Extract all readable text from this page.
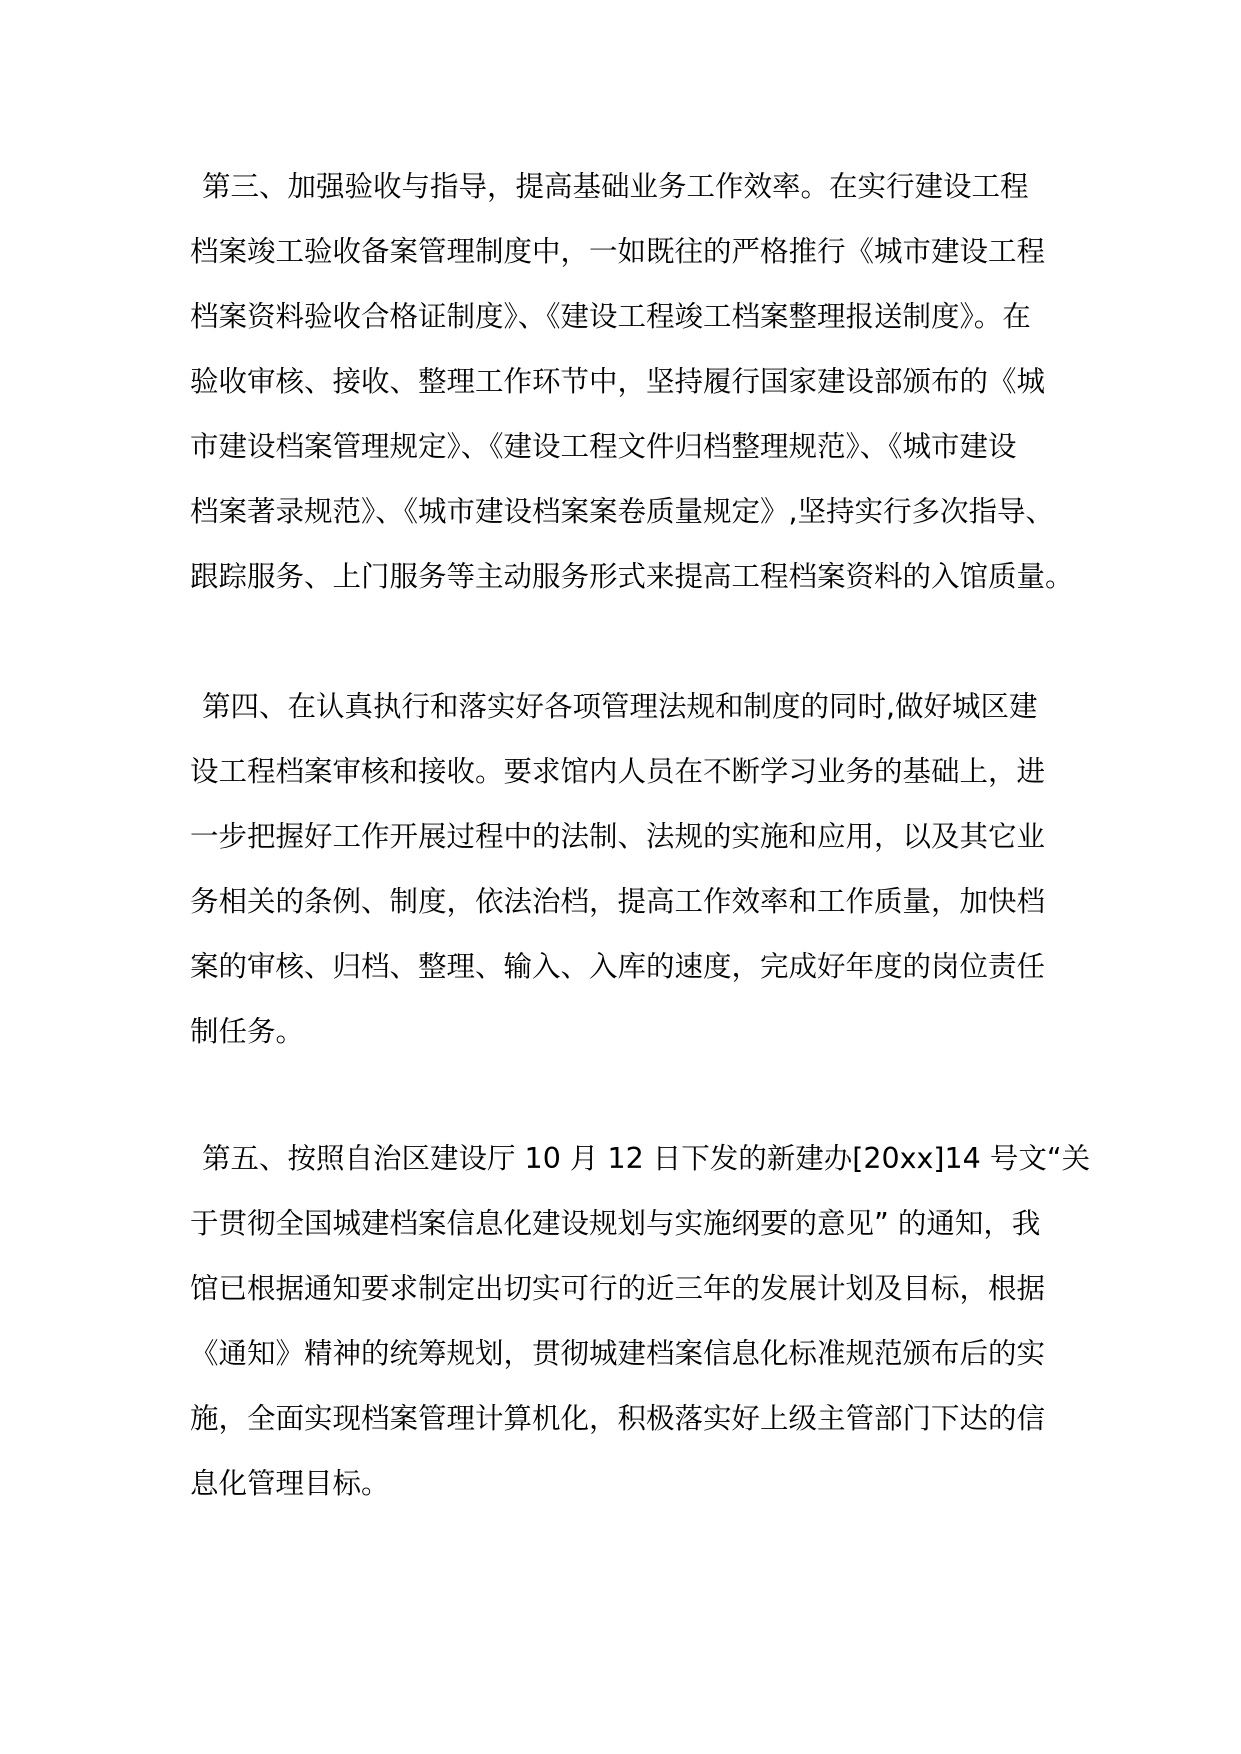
第三、加强验收与指导，提高基础业务工作效率。在实行建设工程
档案竣工验收备案管理制度中，一如既往的严格推行《城市建设工程
档案资料验收合格证制度》、《建设工程竣工档案整理报送制度》。在
验收审核、接收、整理工作环节中，坚持履行国家建设部颁布的《城
市建设档案管理规定》、《建设工程文件归档整理规范》、《城市建设
档案著录规范》、《城市建设档案案卷质量规定》,坚持实行多次指导、
跟踪服务、上门服务等主动服务形式来提高工程档案资料的入馆质量。
第四、在认真执行和落实好各项管理法规和制度的同时,做好城区建
设工程档案审核和接收。要求馆内人员在不断学习业务的基础上，进
一步把握好工作开展过程中的法制、法规的实施和应用，以及其它业
务相关的条例、制度，依法治档，提高工作效率和工作质量，加快档
案的审核、归档、整理、输入、入库的速度，完成好年度的岗位责任
制任务。
第五、按照自治区建设厅 10 月 12 日下发的新建办[20xx]14 号文“关
于贯彻全国城建档案信息化建设规划与实施纲要的意见” 的通知，我
馆已根据通知要求制定出切实可行的近三年的发展计划及目标，根据
《通知》精神的统筹规划，贯彻城建档案信息化标准规范颁布后的实
施，全面实现档案管理计算机化，积极落实好上级主管部门下达的信
息化管理目标。
